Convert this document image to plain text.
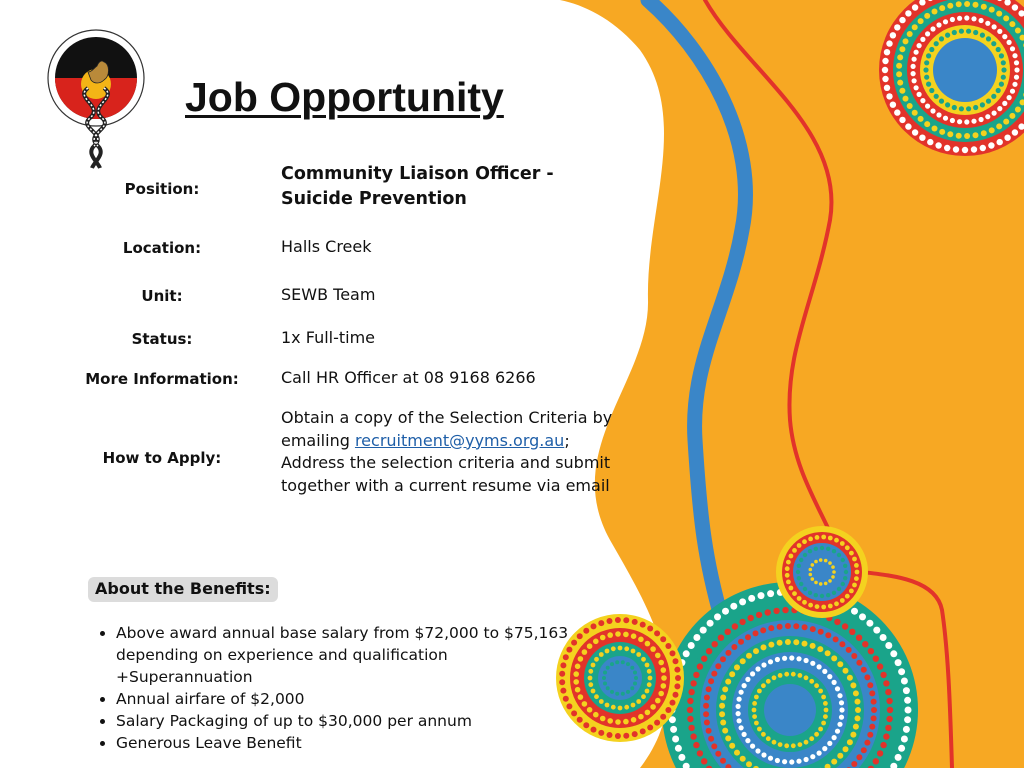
Job Opportunity
Position:
Community Liaison Officer - Suicide Prevention
Location:	Halls Creek
Unit:	SEWB Team
Status:	1x Full-time
More Information:	Call HR Officer at 08 9168 6266
How to Apply:
Obtain a copy of the Selection Criteria by emailing recruitment@yyms.org.au; Address the selection criteria and submit together with a current resume via email
About the Benefits:
• Above award annual base salary from $72,000 to $75,163 depending on experience and qualification +Superannuation
• Annual airfare of $2,000
• Salary Packaging of up to $30,000 per annum
• Generous Leave Benefit
